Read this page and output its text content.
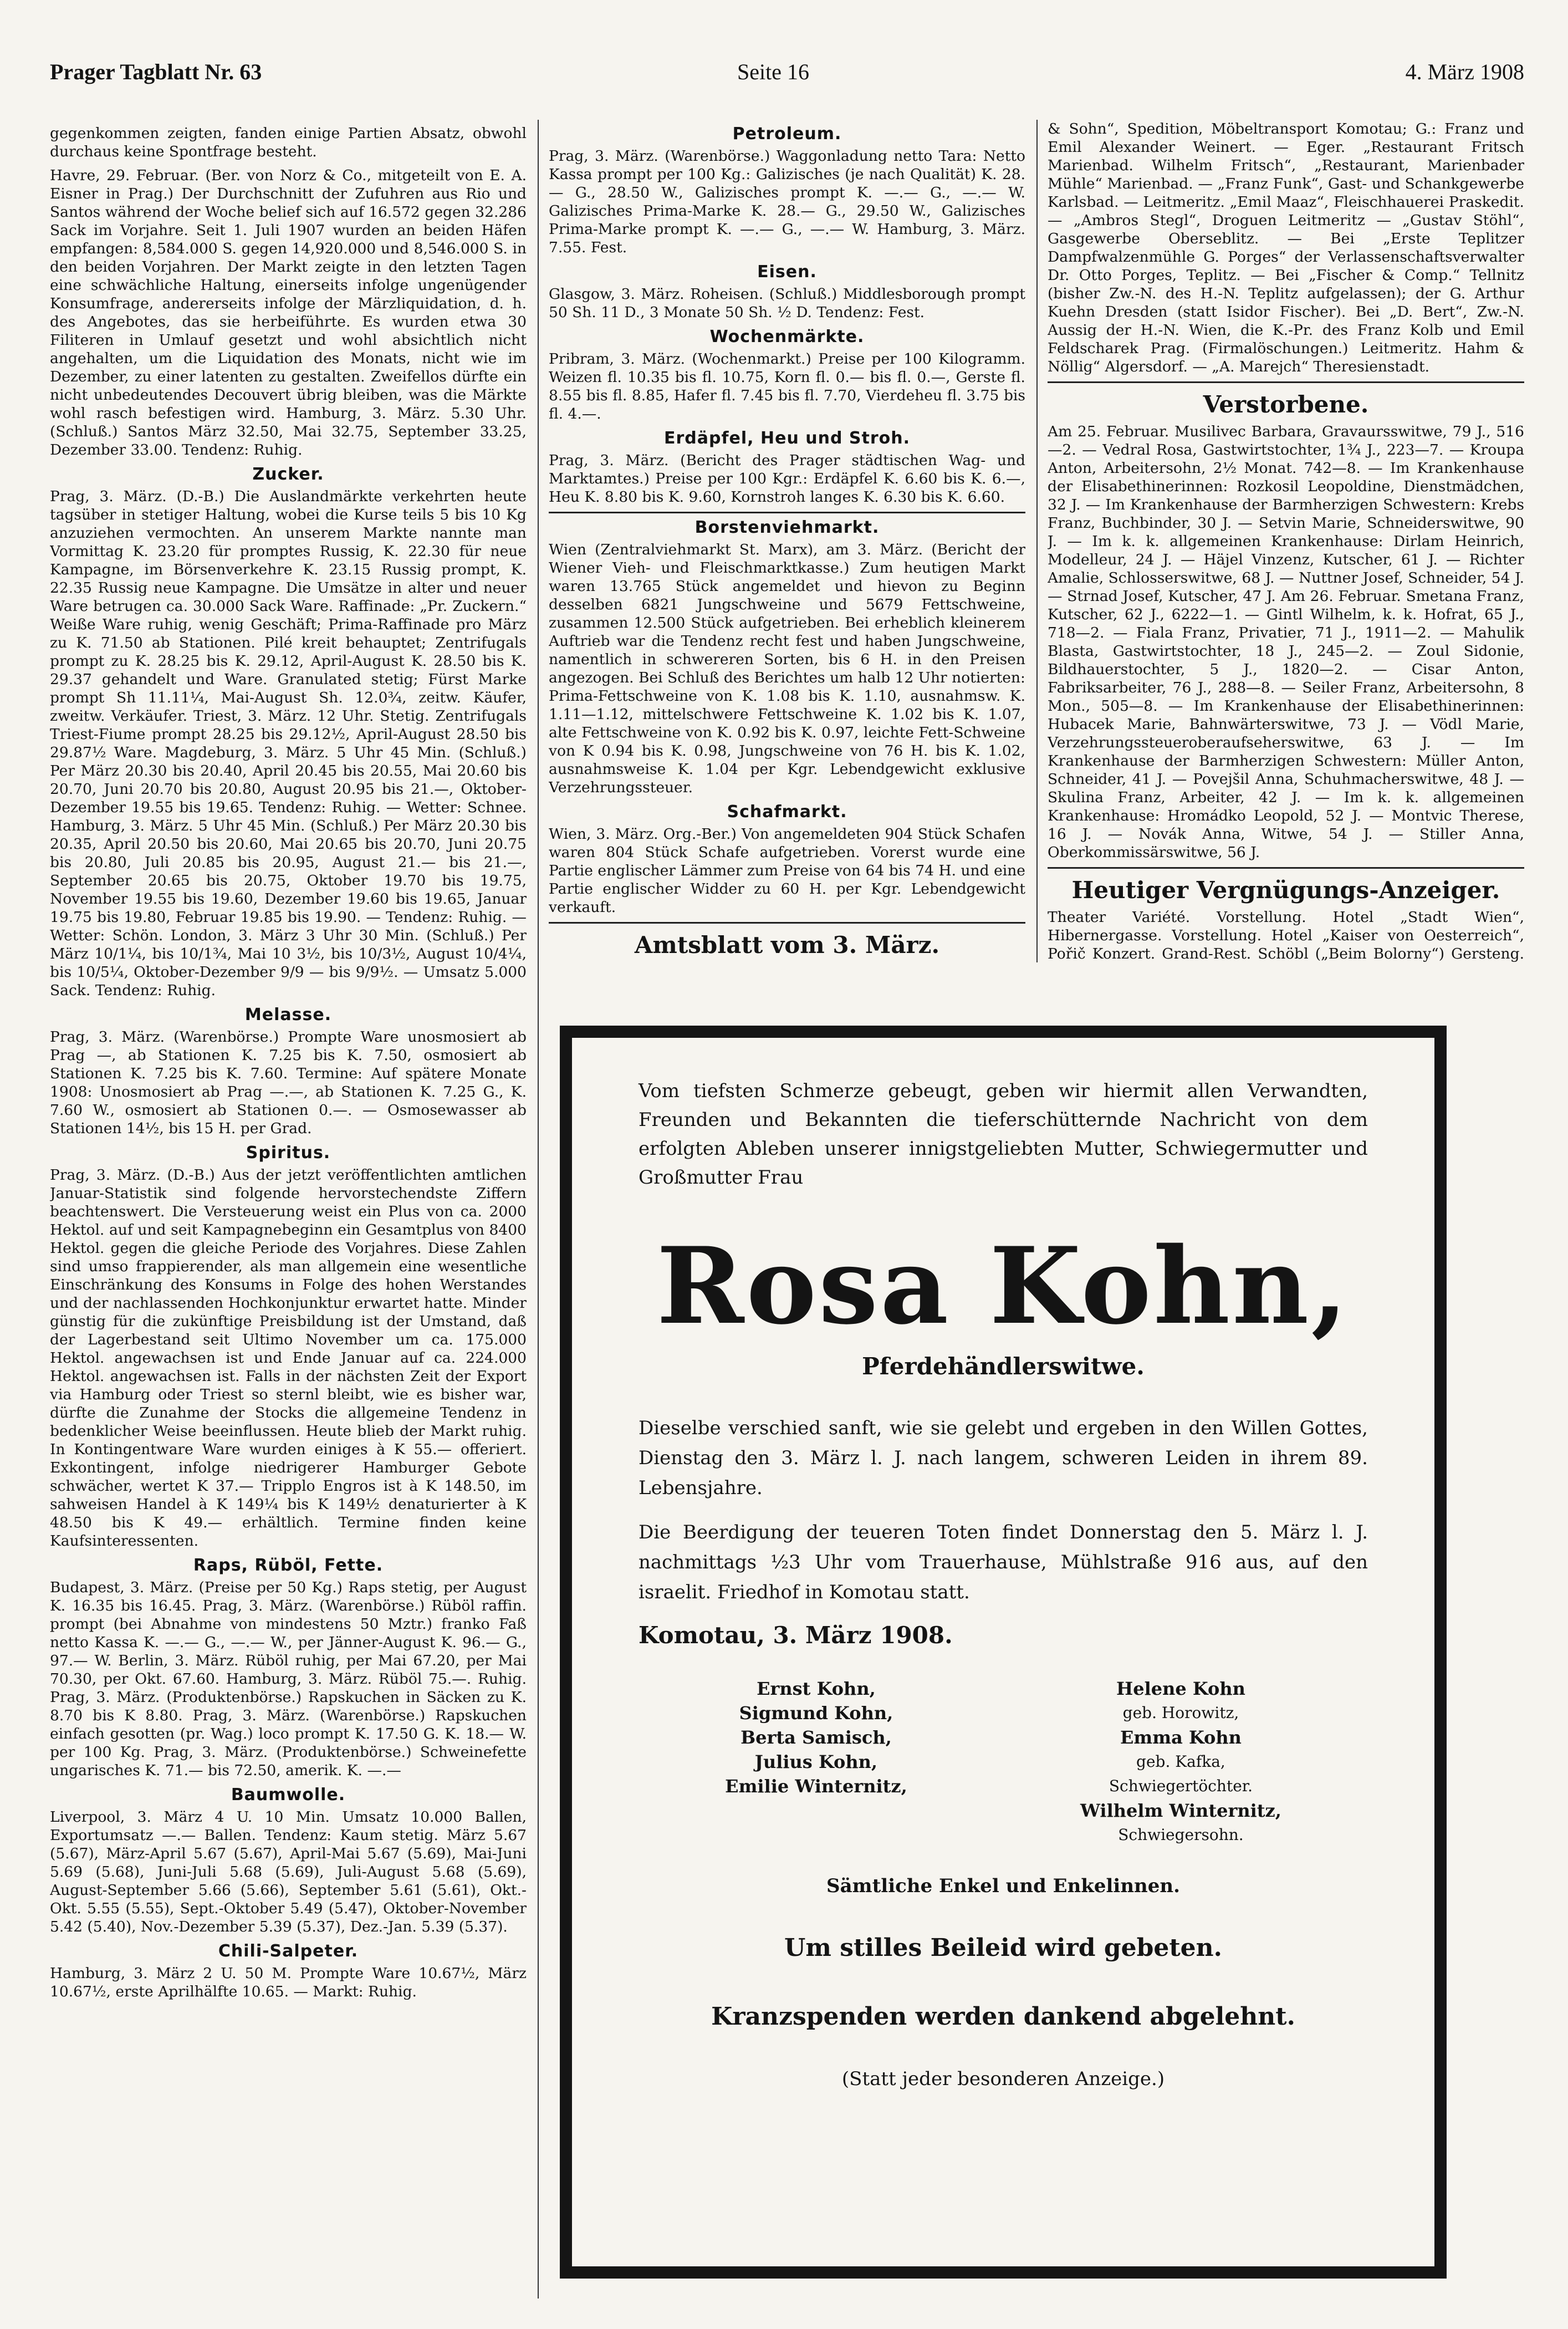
Prager Tagblatt Nr. 63	Seite 16	4. März 1908

gegenkommen zeigten, fanden einige Partien Absatz, obwohl durchaus keine Spontfrage besteht.

Havre, 29. Februar. (Ber. von Norz & Co., mitgeteilt von E. A. Eisner in Prag.) Der Durchschnitt der Zufuhren aus Rio und Santos während der Woche belief sich auf 16.572 gegen 32.286 Sack im Vorjahre. Seit 1. Juli 1907 wurden an beiden Häfen empfangen: 8,584.000 S. gegen 14,920.000 und 8,546.000 S. in den beiden Vorjahren. Der Markt zeigte in den letzten Tagen eine schwächliche Haltung, einerseits infolge ungenügender Konsumfrage, andererseits infolge der Märzliquidation, d. h. des Angebotes, das sie herbeiführte. Es wurden etwa 30 Filiteren in Umlauf gesetzt und wohl absichtlich nicht angehalten, um die Liquidation des Monats, nicht wie im Dezember, zu einer latenten zu gestalten. Zweifellos dürfte ein nicht unbedeutendes Decouvert übrig bleiben, was die Märkte wohl rasch befestigen wird. Hamburg, 3. März. 5.30 Uhr. (Schluß.) Santos März 32.50, Mai 32.75, September 33.25, Dezember 33.00. Tendenz: Ruhig.

Zucker.

Prag, 3. März. (D.-B.) Die Auslandmärkte verkehrten heute tagsüber in stetiger Haltung, wobei die Kurse teils 5 bis 10 Kg anzuziehen vermochten. An unserem Markte nannte man Vormittag K. 23.20 für promptes Russig, K. 22.30 für neue Kampagne, im Börsenverkehre K. 23.15 Russig prompt, K. 22.35 Russig neue Kampagne. Die Umsätze in alter und neuer Ware betrugen ca. 30.000 Sack Ware. Raffinade: „Pr. Zuckern.“ Weiße Ware ruhig, wenig Geschäft; Prima-Raffinade pro März zu K. 71.50 ab Stationen. Pilé kreit behauptet; Zentrifugals prompt zu K. 28.25 bis K. 29.12, April-August K. 28.50 bis K. 29.37 gehandelt und Ware. Granulated stetig; Fürst Marke prompt Sh 11.11¼, Mai-August Sh. 12.0¾, zeitw. Käufer, zweitw. Verkäufer. Triest, 3. März. 12 Uhr. Stetig. Zentrifugals Triest-Fiume prompt 28.25 bis 29.12½, April-August 28.50 bis 29.87½ Ware. Magdeburg, 3. März. 5 Uhr 45 Min. (Schluß.) Per März 20.30 bis 20.40, April 20.45 bis 20.55, Mai 20.60 bis 20.70, Juni 20.70 bis 20.80, August 20.95 bis 21.—, Oktober-Dezember 19.55 bis 19.65. Tendenz: Ruhig. — Wetter: Schnee. Hamburg, 3. März. 5 Uhr 45 Min. (Schluß.) Per März 20.30 bis 20.35, April 20.50 bis 20.60, Mai 20.65 bis 20.70, Juni 20.75 bis 20.80, Juli 20.85 bis 20.95, August 21.— bis 21.—, September 20.65 bis 20.75, Oktober 19.70 bis 19.75, November 19.55 bis 19.60, Dezember 19.60 bis 19.65, Januar 19.75 bis 19.80, Februar 19.85 bis 19.90. — Tendenz: Ruhig. — Wetter: Schön. London, 3. März 3 Uhr 30 Min. (Schluß.) Per März 10/1¼, bis 10/1¾, Mai 10 3½, bis 10/3½, August 10/4¼, bis 10/5¼, Oktober-Dezember 9/9 — bis 9/9½. — Umsatz 5.000 Sack. Tendenz: Ruhig.

Melasse.

Prag, 3. März. (Warenbörse.) Prompte Ware unosmosiert ab Prag —, ab Stationen K. 7.25 bis K. 7.50, osmosiert ab Stationen K. 7.25 bis K. 7.60. Termine: Auf spätere Monate 1908: Unosmosiert ab Prag —.—, ab Stationen K. 7.25 G., K. 7.60 W., osmosiert ab Stationen 0.—. — Osmosewasser ab Stationen 14½, bis 15 H. per Grad.

Spiritus.

Prag, 3. März. (D.-B.) Aus der jetzt veröffentlichten amtlichen Januar-Statistik sind folgende hervorstechendste Ziffern beachtenswert. Die Versteuerung weist ein Plus von ca. 2000 Hektol. auf und seit Kampagnebeginn ein Gesamtplus von 8400 Hektol. gegen die gleiche Periode des Vorjahres. Diese Zahlen sind umso frappierender, als man allgemein eine wesentliche Einschränkung des Konsums in Folge des hohen Werstandes und der nachlassenden Hochkonjunktur erwartet hatte. Minder günstig für die zukünftige Preisbildung ist der Umstand, daß der Lagerbestand seit Ultimo November um ca. 175.000 Hektol. angewachsen ist und Ende Januar auf ca. 224.000 Hektol. angewachsen ist. Falls in der nächsten Zeit der Export via Hamburg oder Triest so sternl bleibt, wie es bisher war, dürfte die Zunahme der Stocks die allgemeine Tendenz in bedenklicher Weise beeinflussen. Heute blieb der Markt ruhig. In Kontingentware Ware wurden einiges à K 55.— offeriert. Exkontingent, infolge niedrigerer Hamburger Gebote schwächer, wertet K 37.— Tripplo Engros ist à K 148.50, im sahweisen Handel à K 149¼ bis K 149½ denaturierter à K 48.50 bis K 49.— erhältlich. Termine finden keine Kaufsinteressenten.

Raps, Rüböl, Fette.

Budapest, 3. März. (Preise per 50 Kg.) Raps stetig, per August K. 16.35 bis 16.45. Prag, 3. März. (Warenbörse.) Rüböl raffin. prompt (bei Abnahme von mindestens 50 Mztr.) franko Faß netto Kassa K. —.— G., —.— W., per Jänner-August K. 96.— G., 97.— W. Berlin, 3. März. Rüböl ruhig, per Mai 67.20, per Mai 70.30, per Okt. 67.60. Hamburg, 3. März. Rüböl 75.—. Ruhig. Prag, 3. März. (Produktenbörse.) Rapskuchen in Säcken zu K. 8.70 bis K 8.80. Prag, 3. März. (Warenbörse.) Rapskuchen einfach gesotten (pr. Wag.) loco prompt K. 17.50 G. K. 18.— W. per 100 Kg. Prag, 3. März. (Produktenbörse.) Schweinefette ungarisches K. 71.— bis 72.50, amerik. K. —.—

Baumwolle.

Liverpool, 3. März 4 U. 10 Min. Umsatz 10.000 Ballen, Exportumsatz —.— Ballen. Tendenz: Kaum stetig. März 5.67 (5.67), März-April 5.67 (5.67), April-Mai 5.67 (5.69), Mai-Juni 5.69 (5.68), Juni-Juli 5.68 (5.69), Juli-August 5.68 (5.69), August-September 5.66 (5.66), September 5.61 (5.61), Okt.-Okt. 5.55 (5.55), Sept.-Oktober 5.49 (5.47), Oktober-November 5.42 (5.40), Nov.-Dezember 5.39 (5.37), Dez.-Jan. 5.39 (5.37).

Chili-Salpeter.

Hamburg, 3. März 2 U. 50 M. Prompte Ware 10.67½, März 10.67½, erste Aprilhälfte 10.65. — Markt: Ruhig.

Petroleum.

Prag, 3. März. (Warenbörse.) Waggonladung netto Tara: Netto Kassa prompt per 100 Kg.: Galizisches (je nach Qualität) K. 28.— G., 28.50 W., Galizisches prompt K. —.— G., —.— W. Galizisches Prima-Marke K. 28.— G., 29.50 W., Galizisches Prima-Marke prompt K. —.— G., —.— W. Hamburg, 3. März. 7.55. Fest.

Eisen.

Glasgow, 3. März. Roheisen. (Schluß.) Middlesborough prompt 50 Sh. 11 D., 3 Monate 50 Sh. ½ D. Tendenz: Fest.

Wochenmärkte.

Pribram, 3. März. (Wochenmarkt.) Preise per 100 Kilogramm. Weizen fl. 10.35 bis fl. 10.75, Korn fl. 0.— bis fl. 0.—, Gerste fl. 8.55 bis fl. 8.85, Hafer fl. 7.45 bis fl. 7.70, Vierdeheu fl. 3.75 bis fl. 4.—.

Erdäpfel, Heu und Stroh.

Prag, 3. März. (Bericht des Prager städtischen Wag- und Marktamtes.) Preise per 100 Kgr.: Erdäpfel K. 6.60 bis K. 6.—, Heu K. 8.80 bis K. 9.60, Kornstroh langes K. 6.30 bis K. 6.60.

Borstenviehmarkt.

Wien (Zentralviehmarkt St. Marx), am 3. März. (Bericht der Wiener Vieh- und Fleischmarktkasse.) Zum heutigen Markt waren 13.765 Stück angemeldet und hievon zu Beginn desselben 6821 Jungschweine und 5679 Fettschweine, zusammen 12.500 Stück aufgetrieben. Bei erheblich kleinerem Auftrieb war die Tendenz recht fest und haben Jungschweine, namentlich in schwereren Sorten, bis 6 H. in den Preisen angezogen. Bei Schluß des Berichtes um halb 12 Uhr notierten: Prima-Fettschweine von K. 1.08 bis K. 1.10, ausnahmsw. K. 1.11—1.12, mittelschwere Fettschweine K. 1.02 bis K. 1.07, alte Fettschweine von K. 0.92 bis K. 0.97, leichte Fett-Schweine von K 0.94 bis K. 0.98, Jungschweine von 76 H. bis K. 1.02, ausnahmsweise K. 1.04 per Kgr. Lebendgewicht exklusive Verzehrungssteuer.

Schafmarkt.

Wien, 3. März. Org.-Ber.) Von angemeldeten 904 Stück Schafen waren 804 Stück Schafe aufgetrieben. Vorerst wurde eine Partie englischer Lämmer zum Preise von 64 bis 74 H. und eine Partie englischer Widder zu 60 H. per Kgr. Lebendgewicht verkauft.

Amtsblatt vom 3. März.

& Sohn“, Spedition, Möbeltransport Komotau; G.: Franz und Emil Alexander Weinert. — Eger. „Restaurant Fritsch Marienbad. Wilhelm Fritsch“, „Restaurant, Marienbader Mühle“ Marienbad. — „Franz Funk“, Gast- und Schankgewerbe Karlsbad. — Leitmeritz. „Emil Maaz“, Fleischhauerei Praskedit. — „Ambros Stegl“, Droguen Leitmeritz — „Gustav Stöhl“, Gasgewerbe Oberseblitz. — Bei „Erste Teplitzer Dampfwalzenmühle G. Porges“ der Verlassenschaftsverwalter Dr. Otto Porges, Teplitz. — Bei „Fischer & Comp.“ Tellnitz (bisher Zw.-N. des H.-N. Teplitz aufgelassen); der G. Arthur Kuehn Dresden (statt Isidor Fischer). Bei „D. Bert“, Zw.-N. Aussig der H.-N. Wien, die K.-Pr. des Franz Kolb und Emil Feldscharek Prag. (Firmalöschungen.) Leitmeritz. Hahm & Nöllig“ Algersdorf. — „A. Marejch“ Theresienstadt.

Verstorbene.

Am 25. Februar. Musilivec Barbara, Gravaursswitwe, 79 J., 516—2. — Vedral Rosa, Gastwirtstochter, 1¾ J., 223—7. — Kroupa Anton, Arbeitersohn, 2½ Monat. 742—8. — Im Krankenhause der Elisabethinerinnen: Rozkosil Leopoldine, Dienstmädchen, 32 J. — Im Krankenhause der Barmherzigen Schwestern: Krebs Franz, Buchbinder, 30 J. — Setvin Marie, Schneiderswitwe, 90 J. — Im k. k. allgemeinen Krankenhause: Dirlam Heinrich, Modelleur, 24 J. — Häjel Vinzenz, Kutscher, 61 J. — Richter Amalie, Schlosserswitwe, 68 J. — Nuttner Josef, Schneider, 54 J. — Strnad Josef, Kutscher, 47 J. Am 26. Februar. Smetana Franz, Kutscher, 62 J., 6222—1. — Gintl Wilhelm, k. k. Hofrat, 65 J., 718—2. — Fiala Franz, Privatier, 71 J., 1911—2. — Mahulik Blasta, Gastwirtstochter, 18 J., 245—2. — Zoul Sidonie, Bildhauerstochter, 5 J., 1820—2. — Cisar Anton, Fabriksarbeiter, 76 J., 288—8. — Seiler Franz, Arbeitersohn, 8 Mon., 505—8. — Im Krankenhause der Elisabethinerinnen: Hubacek Marie, Bahnwärterswitwe, 73 J. — Vödl Marie, Verzehrungssteueroberaufseherswitwe, 63 J. — Im Krankenhause der Barmherzigen Schwestern: Müller Anton, Schneider, 41 J. — Povejšil Anna, Schuhmacherswitwe, 48 J. — Skulina Franz, Arbeiter, 42 J. — Im k. k. allgemeinen Krankenhause: Hromádko Leopold, 52 J. — Montvic Therese, 16 J. — Novák Anna, Witwe, 54 J. — Stiller Anna, Oberkommissärswitwe, 56 J.

Heutiger Vergnügungs-Anzeiger.

Theater Variété. Vorstellung. Hotel „Stadt Wien“, Hibernergasse. Vorstellung. Hotel „Kaiser von Oesterreich“, Pořič Konzert. Grand-Rest. Schöbl („Beim Bolorny“) Gersteng.

Vom tiefsten Schmerze gebeugt, geben wir hiermit allen Verwandten, Freunden und Bekannten die tieferschütternde Nachricht von dem erfolgten Ableben unserer innigstgeliebten Mutter, Schwiegermutter und Großmutter Frau
Rosa Kohn,
Pferdehändlerswitwe.

Dieselbe verschied sanft, wie sie gelebt und ergeben in den Willen Gottes, Dienstag den 3. März l. J. nach langem, schweren Leiden in ihrem 89. Lebensjahre.

Die Beerdigung der teueren Toten findet Donnerstag den 5. März l. J. nachmittags ½3 Uhr vom Trauerhause, Mühlstraße 916 aus, auf den israelit. Friedhof in Komotau statt.

Komotau, 3. März 1908.
Ernst Kohn,
Sigmund Kohn,
Berta Samisch,
Julius Kohn,
Emilie Winternitz,
Helene Kohn
geb. Horowitz,
Emma Kohn
geb. Kafka,
Schwiegertöchter.
Wilhelm Winternitz,
Schwiegersohn.
Sämtliche Enkel und Enkelinnen.
Um stilles Beileid wird gebeten.
Kranzspenden werden dankend abgelehnt.
(Statt jeder besonderen Anzeige.)
